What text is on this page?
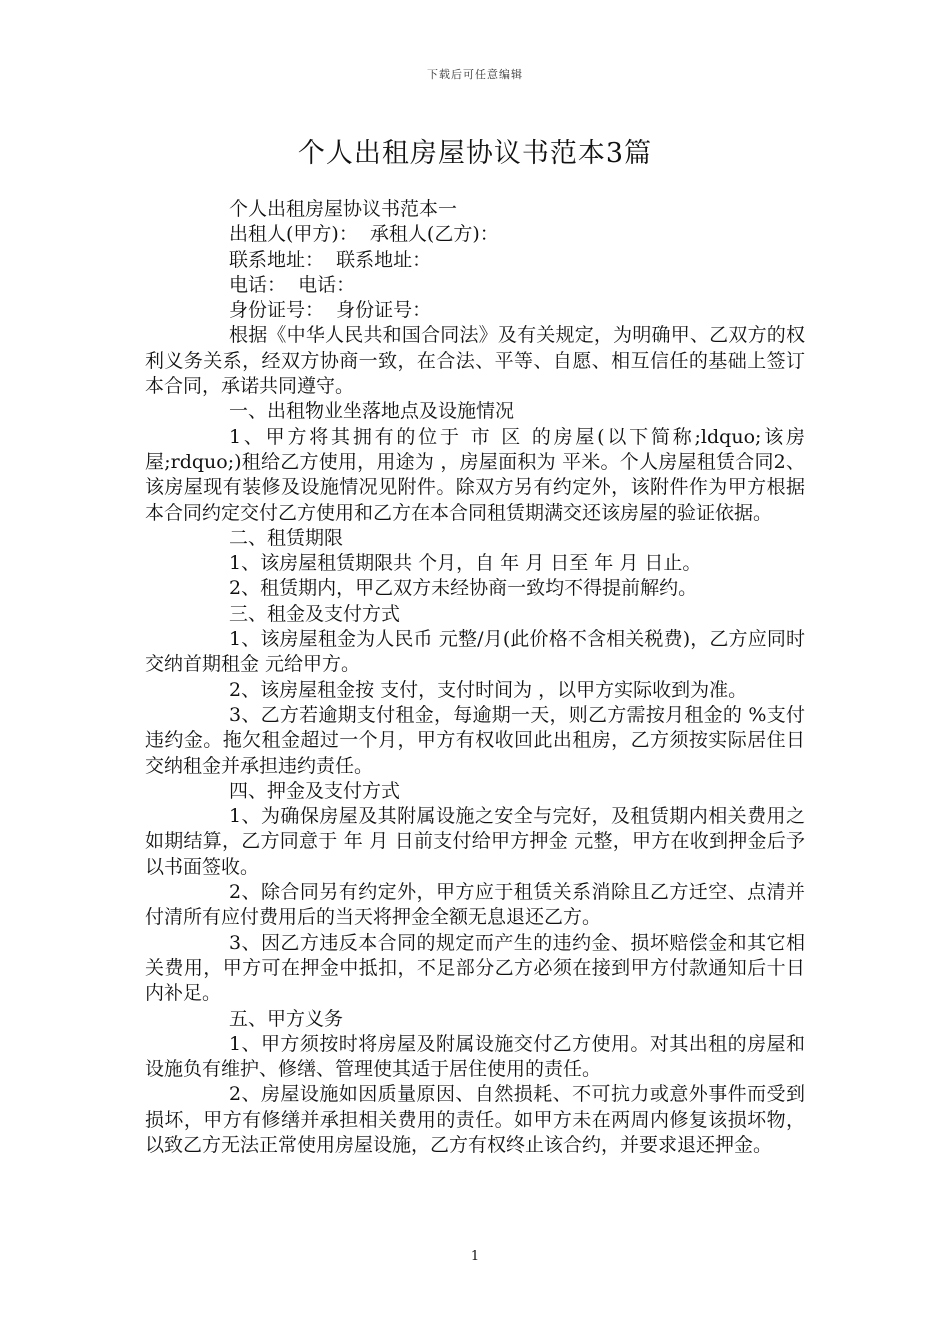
下载后可任意编辑
个人出租房屋协议书范本3篇
个人出租房屋协议书范本一
出租人(甲方)：  承租人(乙方)：
联系地址：  联系地址：
电话：  电话：
身份证号：  身份证号：

根据《中华人民共和国合同法》及有关规定，为明确甲、乙双方的权利义务关系，经双方协商一致，在合法、平等、自愿、相互信任的基础上签订本合同，承诺共同遵守。

一、出租物业坐落地点及设施情况

1、甲方将其拥有的位于 市 区 的房屋(以下简称;ldquo;该房屋;rdquo;)租给乙方使用，用途为 ，房屋面积为 平米。个人房屋租赁合同2、该房屋现有装修及设施情况见附件。除双方另有约定外，该附件作为甲方根据本合同约定交付乙方使用和乙方在本合同租赁期满交还该房屋的验证依据。

二、租赁期限

1、该房屋租赁期限共 个月，自 年 月 日至 年 月 日止。

2、租赁期内，甲乙双方未经协商一致均不得提前解约。

三、租金及支付方式

1、该房屋租金为人民币 元整/月(此价格不含相关税费)，乙方应同时交纳首期租金 元给甲方。

2、该房屋租金按 支付，支付时间为 ，以甲方实际收到为准。

3、乙方若逾期支付租金，每逾期一天，则乙方需按月租金的 %支付违约金。拖欠租金超过一个月，甲方有权收回此出租房，乙方须按实际居住日交纳租金并承担违约责任。

四、押金及支付方式

1、为确保房屋及其附属设施之安全与完好，及租赁期内相关费用之如期结算，乙方同意于 年 月 日前支付给甲方押金 元整，甲方在收到押金后予以书面签收。

2、除合同另有约定外，甲方应于租赁关系消除且乙方迁空、点清并付清所有应付费用后的当天将押金全额无息退还乙方。

3、因乙方违反本合同的规定而产生的违约金、损坏赔偿金和其它相关费用，甲方可在押金中抵扣，不足部分乙方必须在接到甲方付款通知后十日内补足。

五、甲方义务

1、甲方须按时将房屋及附属设施交付乙方使用。对其出租的房屋和设施负有维护、修缮、管理使其适于居住使用的责任。

2、房屋设施如因质量原因、自然损耗、不可抗力或意外事件而受到损坏，甲方有修缮并承担相关费用的责任。如甲方未在两周内修复该损坏物，以致乙方无法正常使用房屋设施，乙方有权终止该合约，并要求退还押金。

1
